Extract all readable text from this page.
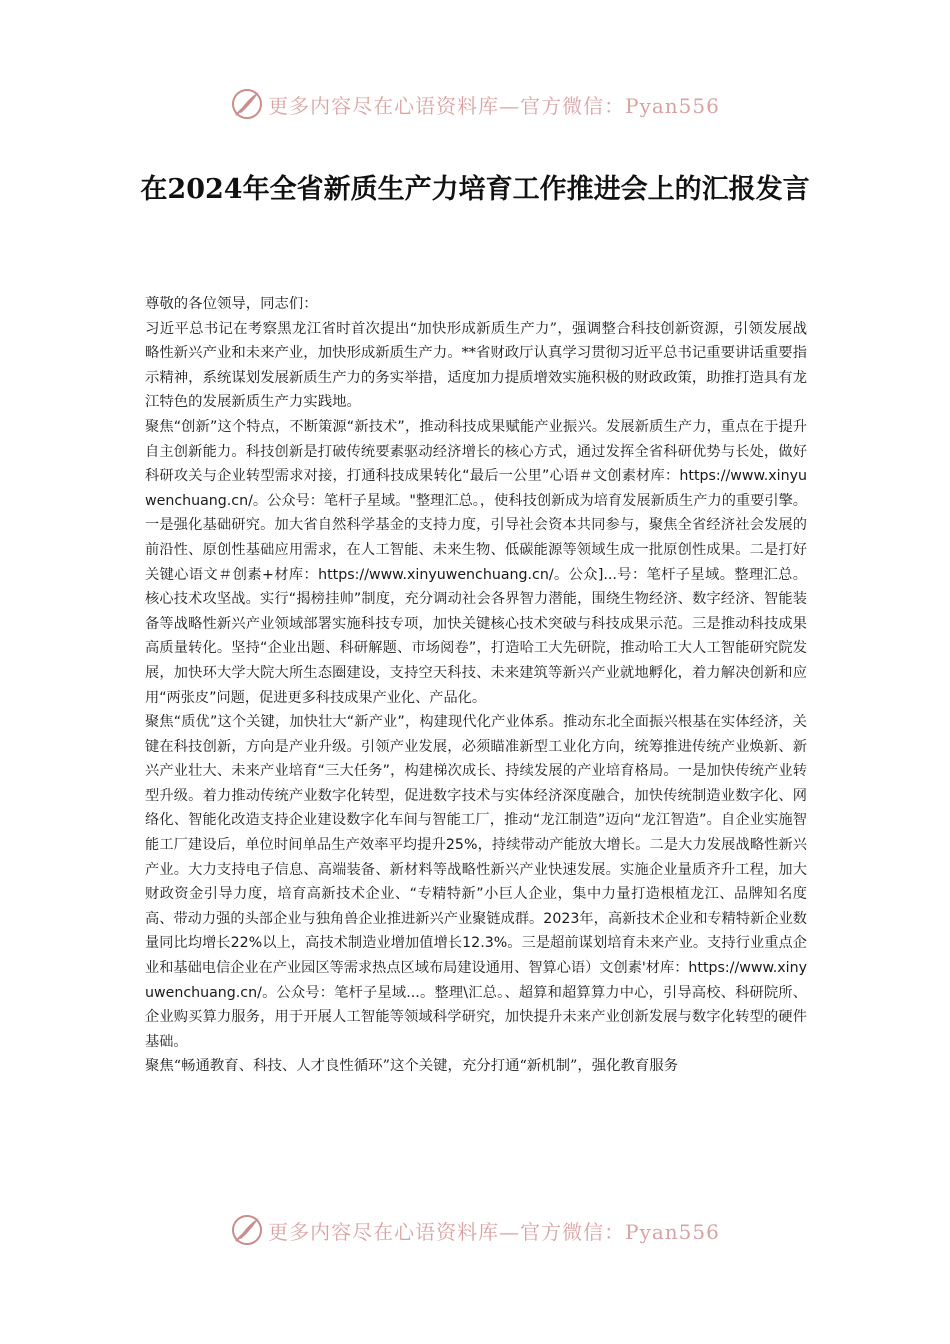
更多内容尽在心语资料库—官方微信：Pyan556
在2024年全省新质生产力培育工作推进会上的汇报发言

尊敬的各位领导，同志们：

习近平总书记在考察黑龙江省时首次提出“加快形成新质生产力”，强调整合科技创新资源，引领发展战略性新兴产业和未来产业，加快形成新质生产力。**省财政厅认真学习贯彻习近平总书记重要讲话重要指示精神，系统谋划发展新质生产力的务实举措，适度加力提质增效实施积极的财政政策，助推打造具有龙江特色的发展新质生产力实践地。

聚焦“创新”这个特点，不断策源“新技术”，推动科技成果赋能产业振兴。发展新质生产力，重点在于提升自主创新能力。科技创新是打破传统要素驱动经济增长的核心方式，通过发挥全省科研优势与长处，做好科研攻关与企业转型需求对接，打通科技成果转化“最后一公里”心语＃文创素材库：https://www.xinyuwenchuang.cn/。公众号：笔杆子星域。"整理汇总。，使科技创新成为培育发展新质生产力的重要引擎。一是强化基础研究。加大省自然科学基金的支持力度，引导社会资本共同参与，聚焦全省经济社会发展的前沿性、原创性基础应用需求，在人工智能、未来生物、低碳能源等领域生成一批原创性成果。二是打好关键心语文＃创素+材库：https://www.xinyuwenchuang.cn/。公众]...号：笔杆子星域。整理汇总。核心技术攻坚战。实行“揭榜挂帅”制度，充分调动社会各界智力潜能，围绕生物经济、数字经济、智能装备等战略性新兴产业领域部署实施科技专项，加快关键核心技术突破与科技成果示范。三是推动科技成果高质量转化。坚持“企业出题、科研解题、市场阅卷”，打造哈工大先研院，推动哈工大人工智能研究院发展，加快环大学大院大所生态圈建设，支持空天科技、未来建筑等新兴产业就地孵化，着力解决创新和应用“两张皮”问题，促进更多科技成果产业化、产品化。

聚焦“质优”这个关键，加快壮大“新产业”，构建现代化产业体系。推动东北全面振兴根基在实体经济，关键在科技创新，方向是产业升级。引领产业发展，必须瞄准新型工业化方向，统筹推进传统产业焕新、新兴产业壮大、未来产业培育“三大任务”，构建梯次成长、持续发展的产业培育格局。一是加快传统产业转型升级。着力推动传统产业数字化转型，促进数字技术与实体经济深度融合，加快传统制造业数字化、网络化、智能化改造支持企业建设数字化车间与智能工厂，推动“龙江制造”迈向“龙江智造”。自企业实施智能工厂建设后，单位时间单品生产效率平均提升25%，持续带动产能放大增长。二是大力发展战略性新兴产业。大力支持电子信息、高端装备、新材料等战略性新兴产业快速发展。实施企业量质齐升工程，加大财政资金引导力度，培育高新技术企业、“专精特新”小巨人企业，集中力量打造根植龙江、品牌知名度高、带动力强的头部企业与独角兽企业推进新兴产业聚链成群。2023年，高新技术企业和专精特新企业数量同比均增长22%以上，高技术制造业增加值增长12.3%。三是超前谋划培育未来产业。支持行业重点企业和基础电信企业在产业园区等需求热点区域布局建设通用、智算心语）文创素'材库：https://www.xinyuwenchuang.cn/。公众号：笔杆子星域...。整理\汇总。、超算和超算算力中心，引导高校、科研院所、企业购买算力服务，用于开展人工智能等领域科学研究，加快提升未来产业创新发展与数字化转型的硬件基础。

聚焦“畅通教育、科技、人才良性循环”这个关键，充分打通“新机制”，强化教育服务

更多内容尽在心语资料库—官方微信：Pyan556
